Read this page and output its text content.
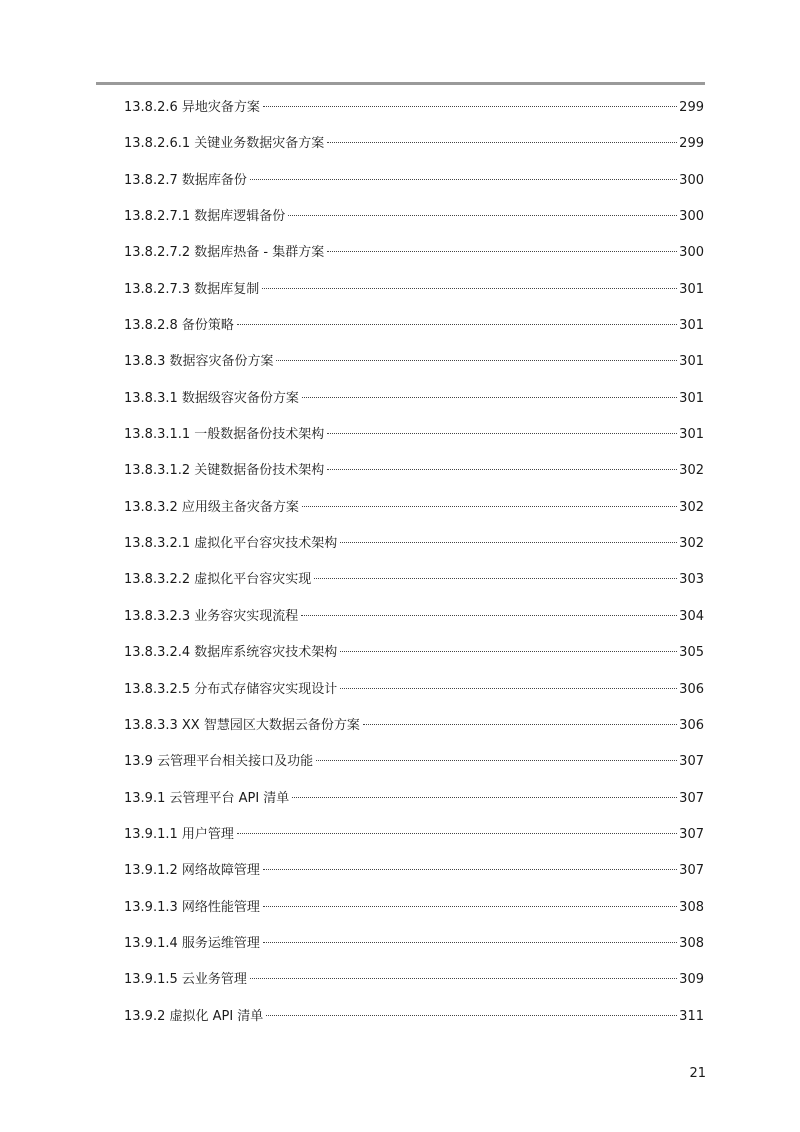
13.8.2.6 异地灾备方案	299
13.8.2.6.1 关键业务数据灾备方案	299
13.8.2.7 数据库备份	300
13.8.2.7.1 数据库逻辑备份	300
13.8.2.7.2 数据库热备 - 集群方案	300
13.8.2.7.3 数据库复制	301
13.8.2.8 备份策略	301
13.8.3 数据容灾备份方案	301
13.8.3.1 数据级容灾备份方案	301
13.8.3.1.1 一般数据备份技术架构	301
13.8.3.1.2 关键数据备份技术架构	302
13.8.3.2 应用级主备灾备方案	302
13.8.3.2.1 虚拟化平台容灾技术架构	302
13.8.3.2.2 虚拟化平台容灾实现	303
13.8.3.2.3 业务容灾实现流程	304
13.8.3.2.4 数据库系统容灾技术架构	305
13.8.3.2.5 分布式存储容灾实现设计	306
13.8.3.3 XX 智慧园区大数据云备份方案	306
13.9 云管理平台相关接口及功能	307
13.9.1 云管理平台 API 清单	307
13.9.1.1 用户管理	307
13.9.1.2 网络故障管理	307
13.9.1.3 网络性能管理	308
13.9.1.4 服务运维管理	308
13.9.1.5 云业务管理	309
13.9.2 虚拟化 API 清单	311
21
